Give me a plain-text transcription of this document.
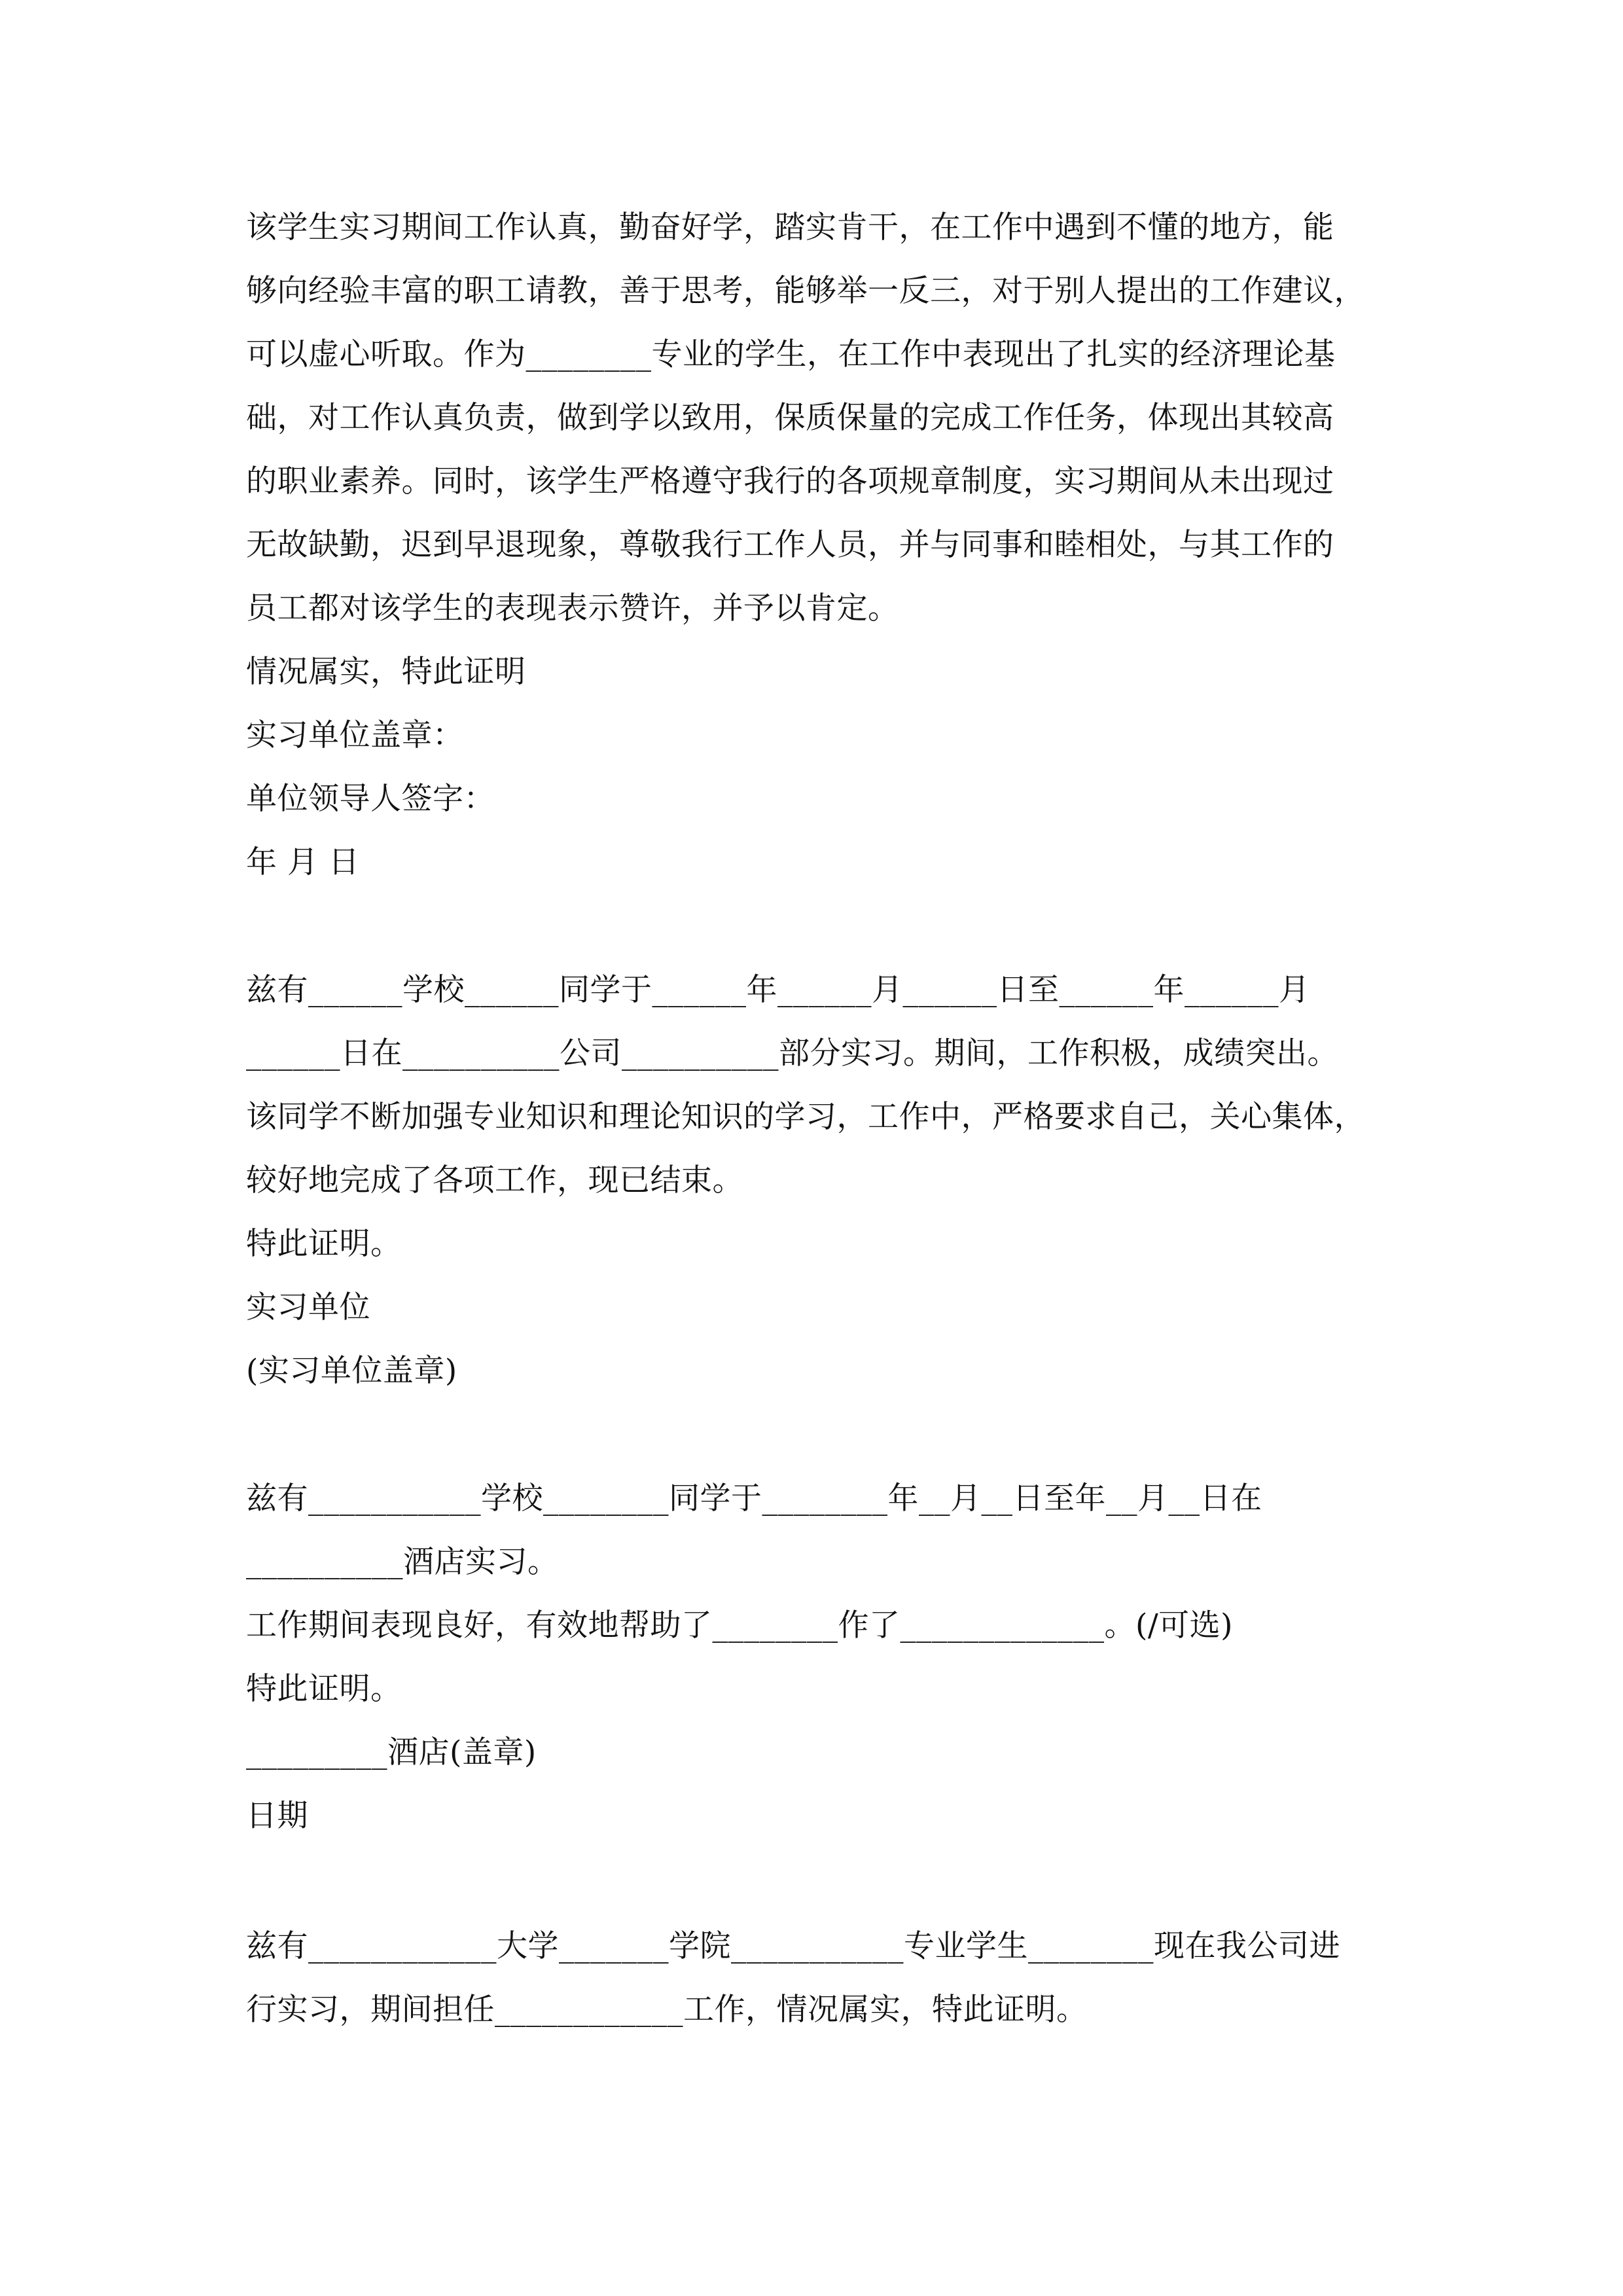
该学生实习期间工作认真，勤奋好学，踏实肯干，在工作中遇到不懂的地方，能
够向经验丰富的职工请教，善于思考，能够举一反三，对于别人提出的工作建议，
可以虚心听取。作为________专业的学生，在工作中表现出了扎实的经济理论基
础，对工作认真负责，做到学以致用，保质保量的完成工作任务，体现出其较高
的职业素养。同时，该学生严格遵守我行的各项规章制度，实习期间从未出现过
无故缺勤，迟到早退现象，尊敬我行工作人员，并与同事和睦相处，与其工作的
员工都对该学生的表现表示赞许，并予以肯定。
情况属实，特此证明
实习单位盖章：
单位领导人签字：
年 月 日
兹有______学校______同学于______年______月______日至______年______月
______日在__________公司__________部分实习。期间，工作积极，成绩突出。
该同学不断加强专业知识和理论知识的学习，工作中，严格要求自己，关心集体，
较好地完成了各项工作，现已结束。
特此证明。
实习单位
(实习单位盖章)
兹有___________学校________同学于________年__月__日至年__月__日在
__________酒店实习。
工作期间表现良好，有效地帮助了________作了_____________。(/可选)
特此证明。
_________酒店(盖章)
日期
兹有____________大学_______学院___________专业学生________现在我公司进
行实习，期间担任____________工作，情况属实，特此证明。
